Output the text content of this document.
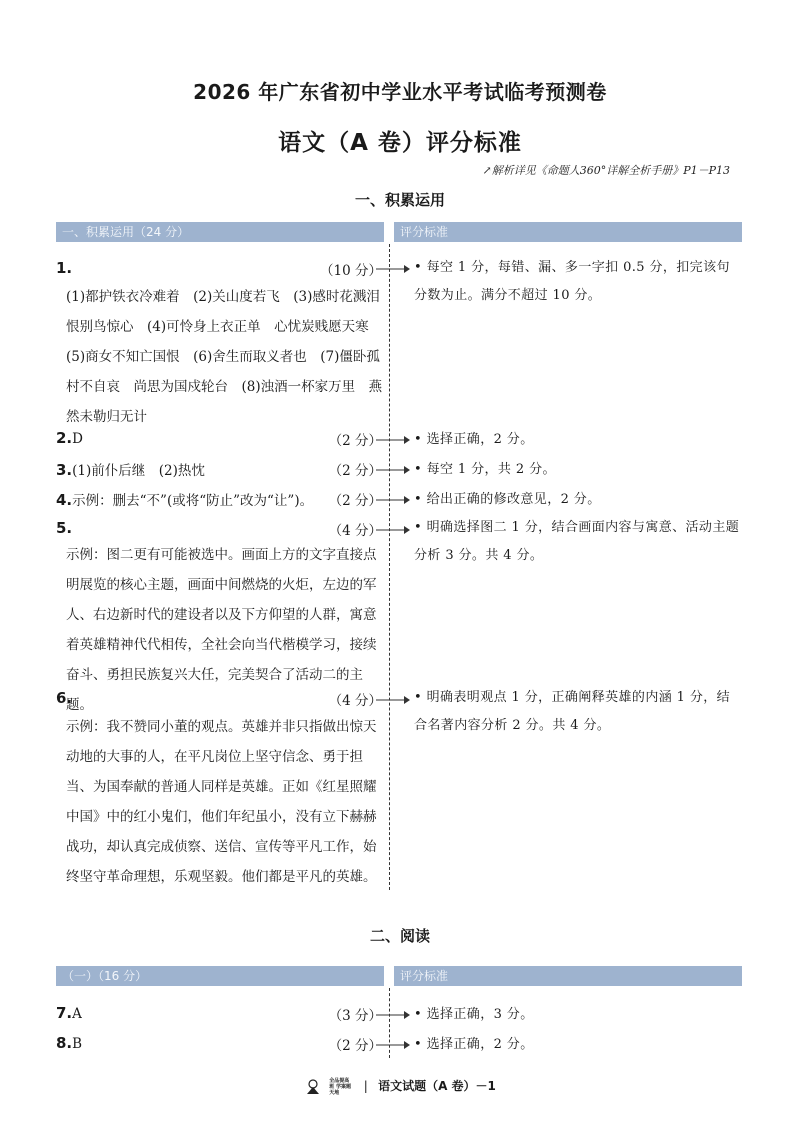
2026 年广东省初中学业水平考试临考预测卷
语文（A 卷）评分标准
↗解析详见《命题人360°详解全析手册》P1－P13
一、积累运用
一、积累运用（24 分）	评分标准
1.	（10 分）
(1)都护铁衣冷难着　(2)关山度若飞　(3)感时花溅泪　恨别鸟惊心　(4)可怜身上衣正单　心忧炭贱愿天寒　(5)商女不知亡国恨　(6)舍生而取义者也　(7)僵卧孤村不自哀　尚思为国戍轮台　(8)浊酒一杯家万里　燕然未勒归无计
• 每空 1 分，每错、漏、多一字扣 0.5 分，扣完该句分数为止。满分不超过 10 分。
2.D	（2 分） • 选择正确，2 分。
3.(1)前仆后继　(2)热忱	（2 分） • 每空 1 分，共 2 分。
4.示例：删去“不”(或将“防止”改为“让”)。 （2 分） • 给出正确的修改意见，2 分。
5.	（4 分）
示例：图二更有可能被选中。画面上方的文字直接点明展览的核心主题，画面中间燃烧的火炬，左边的军人、右边新时代的建设者以及下方仰望的人群，寓意着英雄精神代代相传，全社会向当代楷模学习，接续奋斗、勇担民族复兴大任，完美契合了活动二的主题。
• 明确选择图二 1 分，结合画面内容与寓意、活动主题分析 3 分。共 4 分。
6.	（4 分）
示例：我不赞同小董的观点。英雄并非只指做出惊天动地的大事的人，在平凡岗位上坚守信念、勇于担当、为国奉献的普通人同样是英雄。正如《红星照耀中国》中的红小鬼们，他们年纪虽小，没有立下赫赫战功，却认真完成侦察、送信、宣传等平凡工作，始终坚守革命理想，乐观坚毅。他们都是平凡的英雄。
• 明确表明观点 1 分，正确阐释英雄的内涵 1 分，结合名著内容分析 2 分。共 4 分。
二、阅读
（一）（16 分）	评分标准
7.A	（3 分） • 选择正确，3 分。
8.B	（2 分） • 选择正确，2 分。
全品提高班 学案题天地 | 语文试题（A 卷）－1
